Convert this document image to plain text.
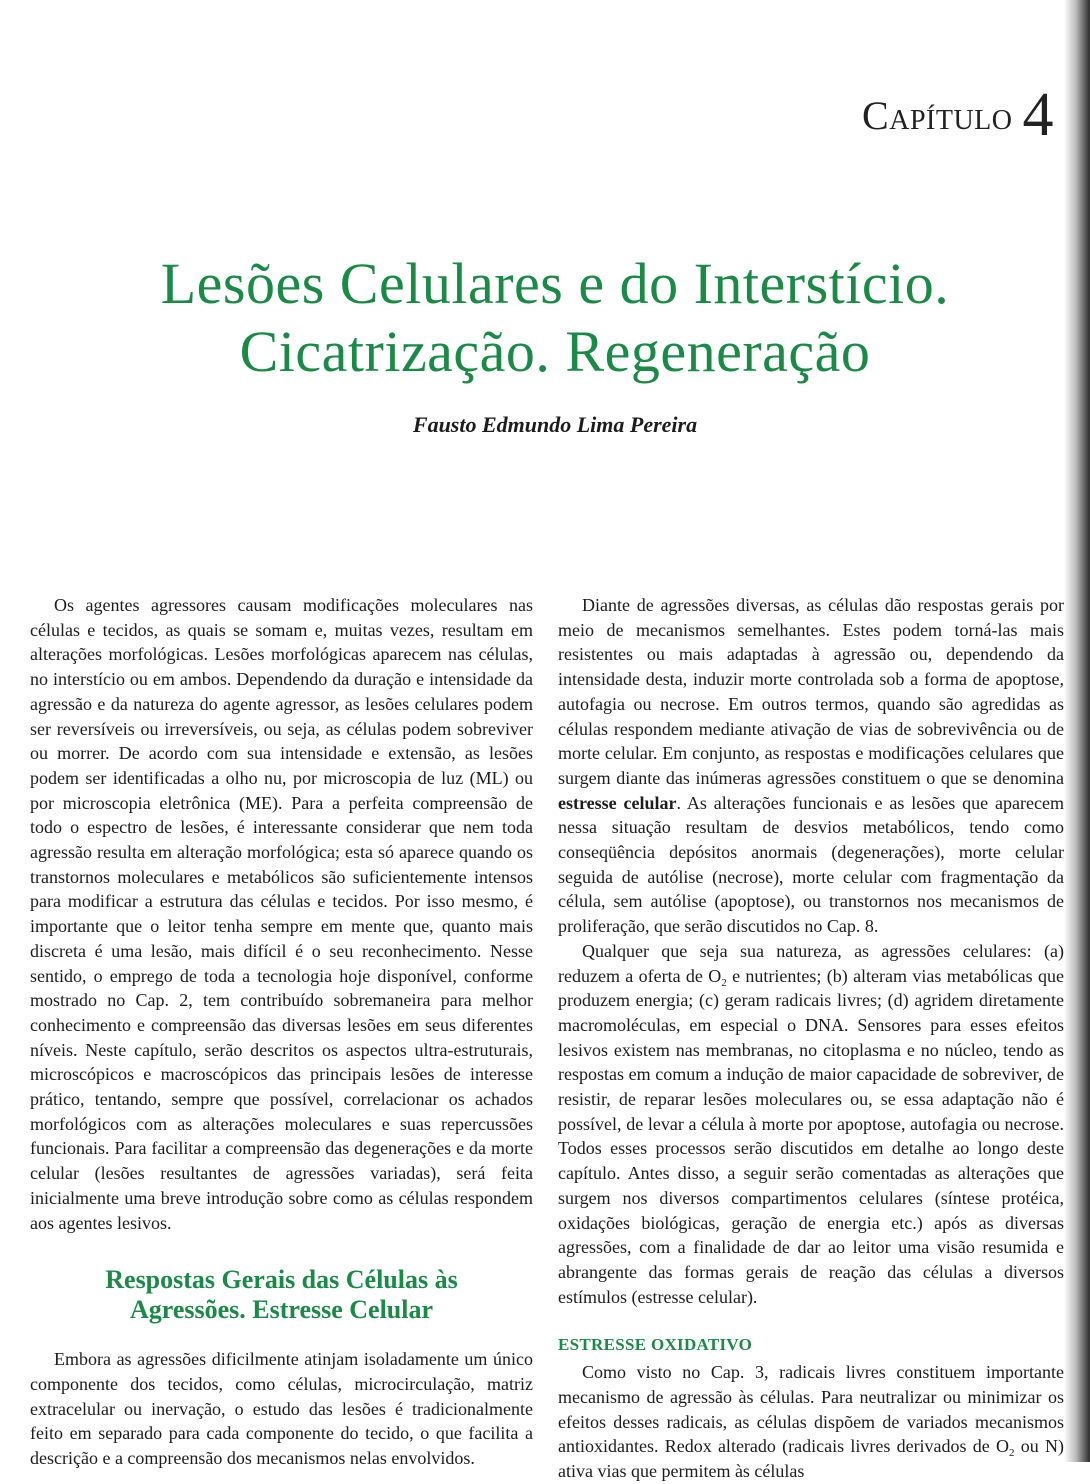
Capítulo 4
Lesões Celulares e do Interstício.
Cicatrização. Regeneração
Fausto Edmundo Lima Pereira

Os agentes agressores causam modificações moleculares nas células e tecidos, as quais se somam e, muitas vezes, resultam em alterações morfológicas. Lesões morfológicas aparecem nas células, no interstício ou em ambos. Dependendo da duração e intensidade da agressão e da natureza do agente agressor, as lesões celulares podem ser reversíveis ou irreversíveis, ou seja, as células podem sobreviver ou morrer. De acordo com sua intensidade e extensão, as lesões podem ser identificadas a olho nu, por microscopia de luz (ML) ou por microscopia eletrônica (ME). Para a perfeita compreensão de todo o espectro de lesões, é interessante considerar que nem toda agressão resulta em alteração morfológica; esta só aparece quando os transtornos moleculares e metabólicos são suficientemente intensos para modificar a estrutura das células e tecidos. Por isso mesmo, é importante que o leitor tenha sempre em mente que, quanto mais discreta é uma lesão, mais difícil é o seu reconhecimento. Nesse sentido, o emprego de toda a tecnologia hoje disponível, conforme mostrado no Cap. 2, tem contribuído sobremaneira para melhor conhecimento e compreensão das diversas lesões em seus diferentes níveis. Neste capítulo, serão descritos os aspectos ultra-estruturais, microscópicos e macroscópicos das principais lesões de interesse prático, tentando, sempre que possível, correlacionar os achados morfológicos com as alterações moleculares e suas repercussões funcionais. Para facilitar a compreensão das degenerações e da morte celular (lesões resultantes de agressões variadas), será feita inicialmente uma breve introdução sobre como as células respondem aos agentes lesivos.

Respostas Gerais das Células às
Agressões. Estresse Celular

Embora as agressões dificilmente atinjam isoladamente um único componente dos tecidos, como células, microcirculação, matriz extracelular ou inervação, o estudo das lesões é tradicionalmente feito em separado para cada componente do tecido, o que facilita a descrição e a compreensão dos mecanismos nelas envolvidos.

Diante de agressões diversas, as células dão respostas gerais por meio de mecanismos semelhantes. Estes podem torná-las mais resistentes ou mais adaptadas à agressão ou, dependendo da intensidade desta, induzir morte controlada sob a forma de apoptose, autofagia ou necrose. Em outros termos, quando são agredidas as células respondem mediante ativação de vias de sobrevivência ou de morte celular. Em conjunto, as respostas e modificações celulares que surgem diante das inúmeras agressões constituem o que se denomina estresse celular. As alterações funcionais e as lesões que aparecem nessa situação resultam de desvios metabólicos, tendo como conseqüência depósitos anormais (degenerações), morte celular seguida de autólise (necrose), morte celular com fragmentação da célula, sem autólise (apoptose), ou transtornos nos mecanismos de proliferação, que serão discutidos no Cap. 8.

Qualquer que seja sua natureza, as agressões celulares: (a) reduzem a oferta de $O_2$ e nutrientes; (b) alteram vias metabólicas que produzem energia; (c) geram radicais livres; (d) agridem diretamente macromoléculas, em especial o DNA. Sensores para esses efeitos lesivos existem nas membranas, no citoplasma e no núcleo, tendo as respostas em comum a indução de maior capacidade de sobreviver, de resistir, de reparar lesões moleculares ou, se essa adaptação não é possível, de levar a célula à morte por apoptose, autofagia ou necrose. Todos esses processos serão discutidos em detalhe ao longo deste capítulo. Antes disso, a seguir serão comentadas as alterações que surgem nos diversos compartimentos celulares (síntese protéica, oxidações biológicas, geração de energia etc.) após as diversas agressões, com a finalidade de dar ao leitor uma visão resumida e abrangente das formas gerais de reação das células a diversos estímulos (estresse celular).

ESTRESSE OXIDATIVO

Como visto no Cap. 3, radicais livres constituem importante mecanismo de agressão às células. Para neutralizar ou minimizar os efeitos desses radicais, as células dispõem de variados mecanismos antioxidantes. Redox alterado (radicais livres derivados de $O_2$ ou N) ativa vias que permitem às células
